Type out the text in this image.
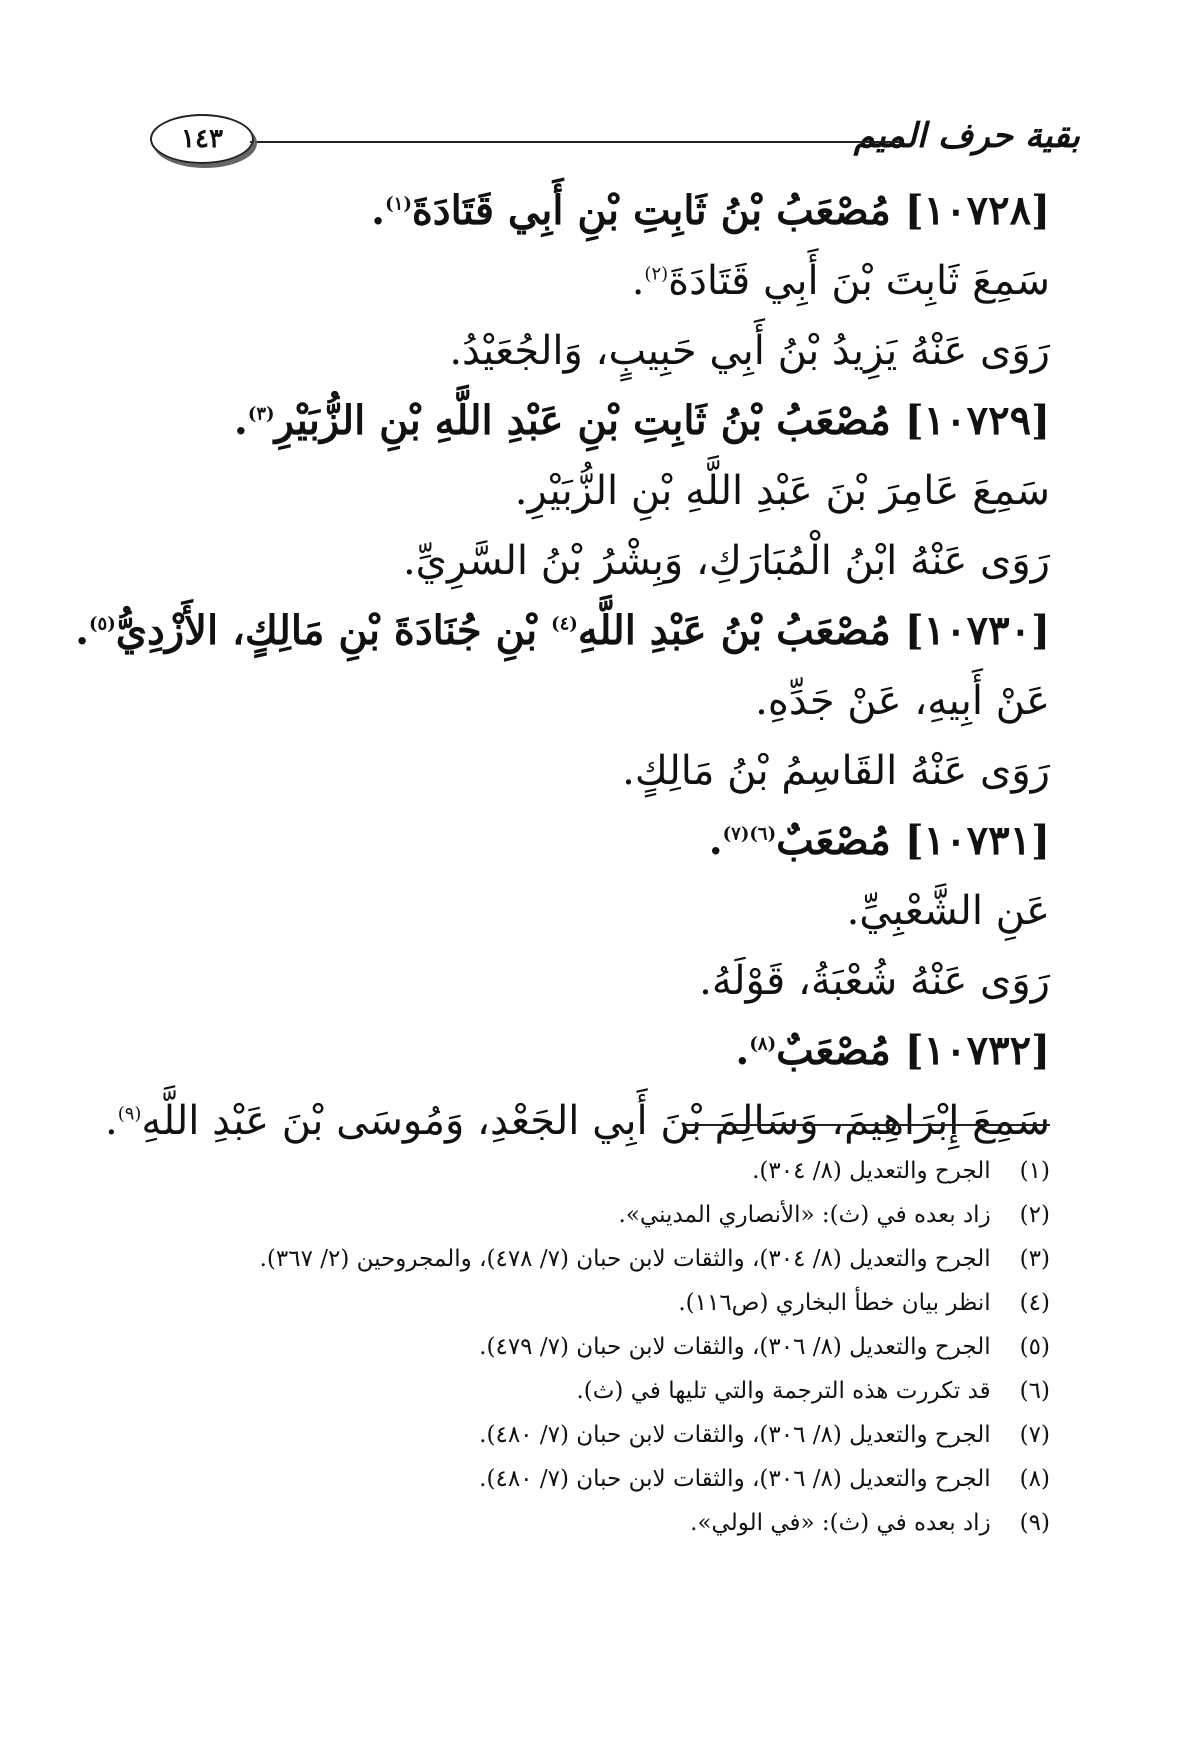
بقية حرف الميم
١٤٣
[١٠٧٢٨] مُصْعَبُ بْنُ ثَابِتِ بْنِ أَبِي قَتَادَةَ$^{(١)}$.
سَمِعَ ثَابِتَ بْنَ أَبِي قَتَادَةَ$^{(٢)}$.
رَوَى عَنْهُ يَزِيدُ بْنُ أَبِي حَبِيبٍ، وَالجُعَيْدُ.
[١٠٧٢٩] مُصْعَبُ بْنُ ثَابِتِ بْنِ عَبْدِ اللَّهِ بْنِ الزُّبَيْرِ$^{(٣)}$.
سَمِعَ عَامِرَ بْنَ عَبْدِ اللَّهِ بْنِ الزُّبَيْرِ.
رَوَى عَنْهُ ابْنُ الْمُبَارَكِ، وَبِشْرُ بْنُ السَّرِيِّ.
[١٠٧٣٠] مُصْعَبُ بْنُ عَبْدِ اللَّهِ$^{(٤)}$ بْنِ جُنَادَةَ بْنِ مَالِكٍ، الأَزْدِيُّ$^{(٥)}$.
عَنْ أَبِيهِ، عَنْ جَدِّهِ.
رَوَى عَنْهُ القَاسِمُ بْنُ مَالِكٍ.
[١٠٧٣١] مُصْعَبٌ$^{(٦)(٧)}$.
عَنِ الشَّعْبِيِّ.
رَوَى عَنْهُ شُعْبَةُ، قَوْلَهُ.
[١٠٧٣٢] مُصْعَبٌ$^{(٨)}$.
سَمِعَ إِبْرَاهِيمَ، وَسَالِمَ بْنَ أَبِي الجَعْدِ، وَمُوسَى بْنَ عَبْدِ اللَّهِ$^{(٩)}$.
(١) الجرح والتعديل (٨/ ٣٠٤).
(٢) زاد بعده في (ث): «الأنصاري المديني».
(٣) الجرح والتعديل (٨/ ٣٠٤)، والثقات لابن حبان (٧/ ٤٧٨)، والمجروحين (٢/ ٣٦٧).
(٤) انظر بيان خطأ البخاري (ص١١٦).
(٥) الجرح والتعديل (٨/ ٣٠٦)، والثقات لابن حبان (٧/ ٤٧٩).
(٦) قد تكررت هذه الترجمة والتي تليها في (ث).
(٧) الجرح والتعديل (٨/ ٣٠٦)، والثقات لابن حبان (٧/ ٤٨٠).
(٨) الجرح والتعديل (٨/ ٣٠٦)، والثقات لابن حبان (٧/ ٤٨٠).
(٩) زاد بعده في (ث): «في الولي».
